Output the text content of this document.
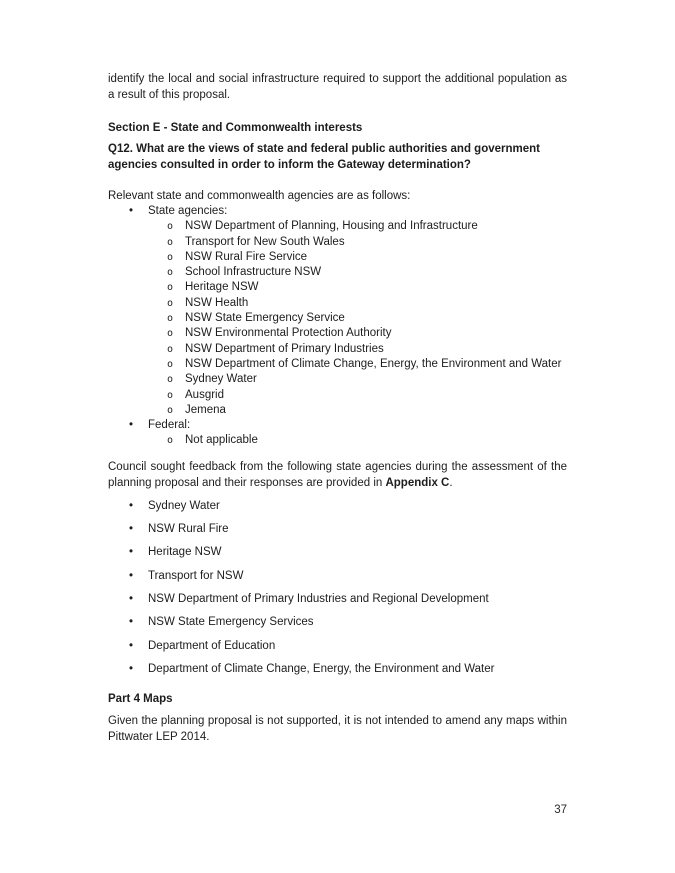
identify the local and social infrastructure required to support the additional population as a result of this proposal.

Section E - State and Commonwealth interests

Q12. What are the views of state and federal public authorities and government agencies consulted in order to inform the Gateway determination?

Relevant state and commonwealth agencies are as follows:

•	State agencies:
o	NSW Department of Planning, Housing and Infrastructure
o	Transport for New South Wales
o	NSW Rural Fire Service
o	School Infrastructure NSW
o	Heritage NSW
o	NSW Health
o	NSW State Emergency Service
o	NSW Environmental Protection Authority
o	NSW Department of Primary Industries
o	NSW Department of Climate Change, Energy, the Environment and Water
o	Sydney Water
o	Ausgrid
o	Jemena
•	Federal:
o	Not applicable

Council sought feedback from the following state agencies during the assessment of the planning proposal and their responses are provided in Appendix C.

•	Sydney Water
•	NSW Rural Fire
•	Heritage NSW
•	Transport for NSW
•	NSW Department of Primary Industries and Regional Development
•	NSW State Emergency Services
•	Department of Education
•	Department of Climate Change, Energy, the Environment and Water

Part 4 Maps

Given the planning proposal is not supported, it is not intended to amend any maps within Pittwater LEP 2014.

37
